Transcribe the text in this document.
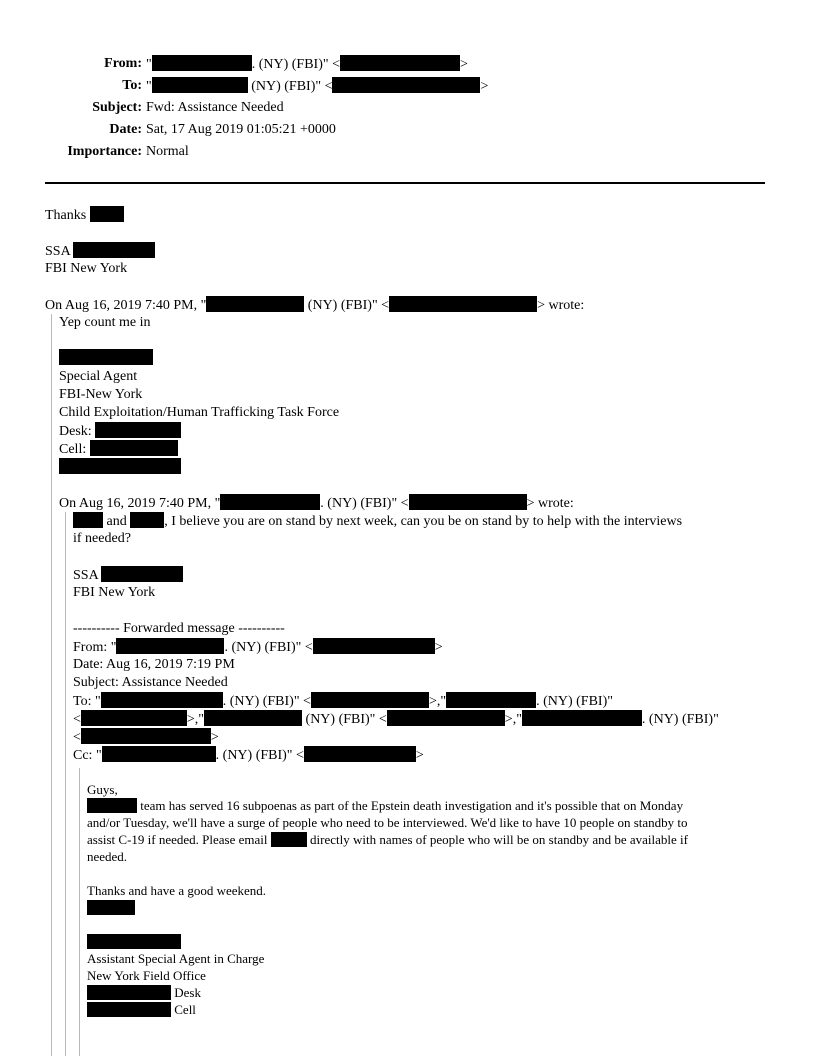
From: "	. (NY) (FBI)" <	>
To: "	(NY) (FBI)" <	>
Subject: Fwd: Assistance Needed
Date: Sat, 17 Aug 2019 01:05:21 +0000
Importance: Normal
Thanks
SSA
FBI New York
On Aug 16, 2019 7:40 PM, "	(NY) (FBI)" <	> wrote:
Yep count me in
Special Agent
FBI-New York
Child Exploitation/Human Trafficking Task Force
Desk:
Cell:
On Aug 16, 2019 7:40 PM, "	. (NY) (FBI)" <	> wrote:
and	, I believe you are on stand by next week, can you be on stand by to help with the interviews
if needed?
SSA
FBI New York
---------- Forwarded message ----------
From: "	. (NY) (FBI)" <	>
Date: Aug 16, 2019 7:19 PM
Subject: Assistance Needed
To: "	. (NY) (FBI)" <	>,"	. (NY) (FBI)"
<	>,"	(NY) (FBI)" <	>,"	. (NY) (FBI)"
<	>
Cc: "	. (NY) (FBI)" <	>
Guys,
team has served 16 subpoenas as part of the Epstein death investigation and it's possible that on Monday
and/or Tuesday, we'll have a surge of people who need to be interviewed. We'd like to have 10 people on standby to
assist C-19 if needed. Please email	directly with names of people who will be on standby and be available if
needed.
Thanks and have a good weekend.
Assistant Special Agent in Charge
New York Field Office
Desk
Cell
